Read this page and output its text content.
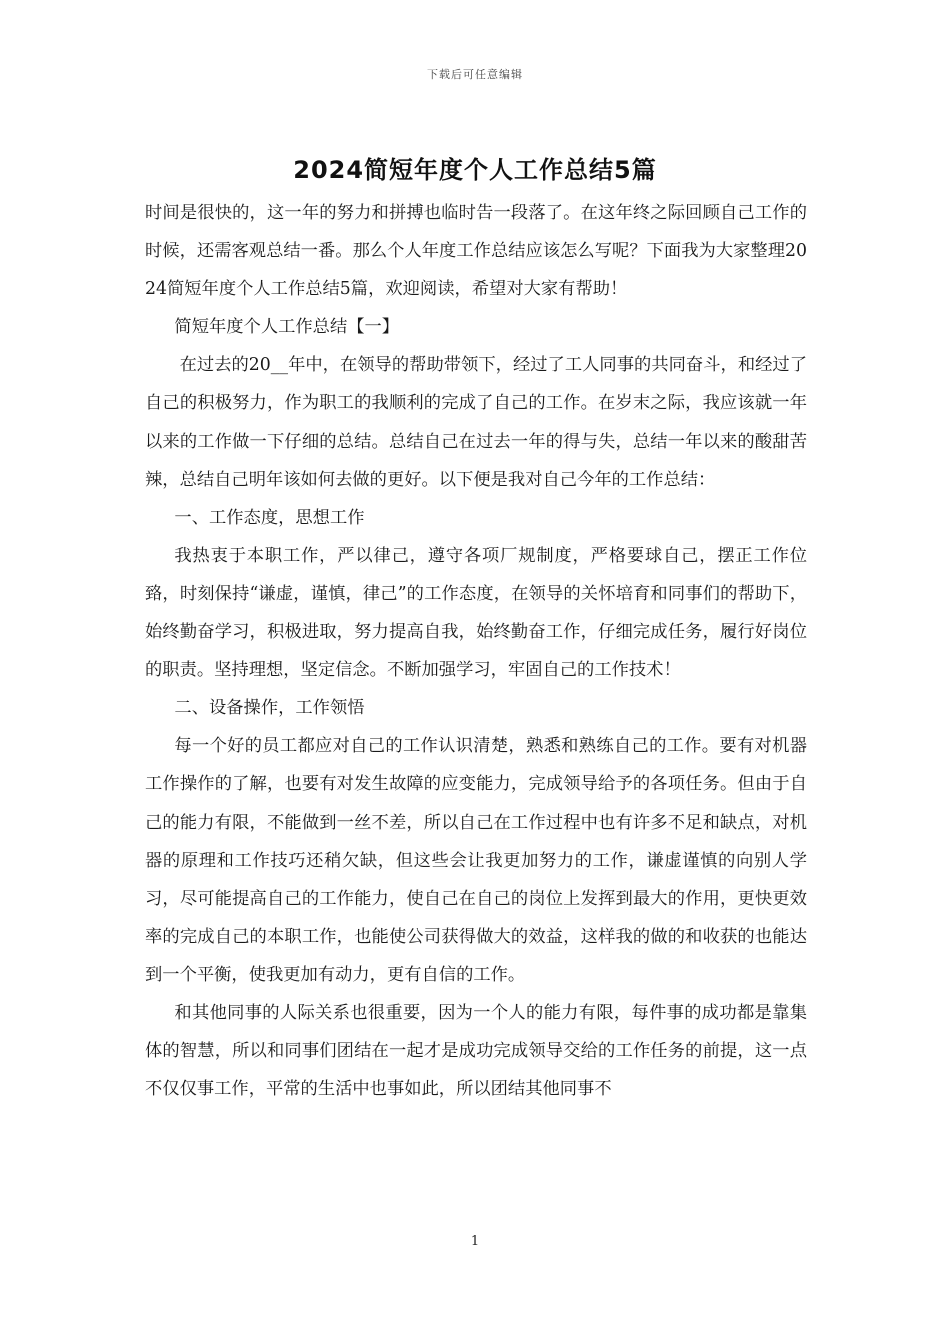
下载后可任意编辑
2024简短年度个人工作总结5篇

时间是很快的，这一年的努力和拼搏也临时告一段落了。在这年终之际回顾自己工作的时候，还需客观总结一番。那么个人年度工作总结应该怎么写呢？下面我为大家整理2024简短年度个人工作总结5篇，欢迎阅读，希望对大家有帮助！

简短年度个人工作总结【一】

在过去的20__年中，在领导的帮助带领下，经过了工人同事的共同奋斗，和经过了自己的积极努力，作为职工的我顺利的完成了自己的工作。在岁末之际，我应该就一年以来的工作做一下仔细的总结。总结自己在过去一年的得与失，总结一年以来的酸甜苦辣，总结自己明年该如何去做的更好。以下便是我对自己今年的工作总结：

一、工作态度，思想工作

我热衷于本职工作，严以律己，遵守各项厂规制度，严格要球自己，摆正工作位臵，时刻保持“谦虚，谨慎，律己”的工作态度，在领导的关怀培育和同事们的帮助下，始终勤奋学习，积极进取，努力提高自我，始终勤奋工作，仔细完成任务，履行好岗位的职责。坚持理想，坚定信念。不断加强学习，牢固自己的工作技术！

二、设备操作，工作领悟

每一个好的员工都应对自己的工作认识清楚，熟悉和熟练自己的工作。要有对机器工作操作的了解，也要有对发生故障的应变能力，完成领导给予的各项任务。但由于自己的能力有限，不能做到一丝不差，所以自己在工作过程中也有许多不足和缺点，对机器的原理和工作技巧还稍欠缺，但这些会让我更加努力的工作，谦虚谨慎的向别人学习，尽可能提高自己的工作能力，使自己在自己的岗位上发挥到最大的作用，更快更效率的完成自己的本职工作，也能使公司获得做大的效益，这样我的做的和收获的也能达到一个平衡，使我更加有动力，更有自信的工作。

和其他同事的人际关系也很重要，因为一个人的能力有限，每件事的成功都是靠集体的智慧，所以和同事们团结在一起才是成功完成领导交给的工作任务的前提，这一点不仅仅事工作，平常的生活中也事如此，所以团结其他同事不

1
